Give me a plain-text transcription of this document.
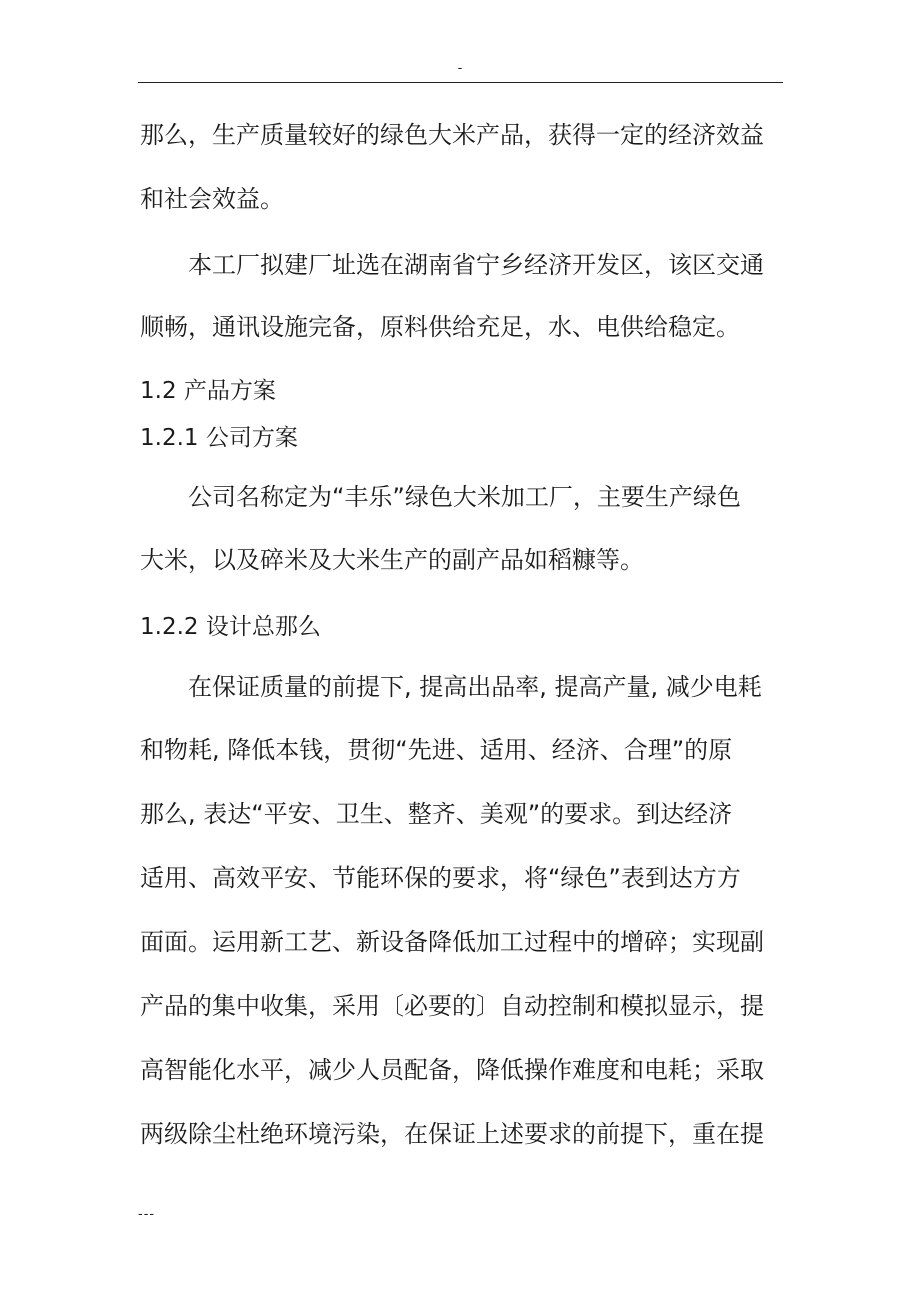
-
那么，生产质量较好的绿色大米产品，获得一定的经济效益
和社会效益。
本工厂拟建厂址选在湖南省宁乡经济开发区，该区交通
顺畅，通讯设施完备，原料供给充足，水、电供给稳定。
1.2 产品方案
1.2.1 公司方案
公司名称定为“丰乐”绿色大米加工厂，主要生产绿色
大米，以及碎米及大米生产的副产品如稻糠等。
1.2.2 设计总那么
在保证质量的前提下, 提高出品率, 提高产量, 减少电耗
和物耗, 降低本钱，贯彻“先进、适用、经济、合理”的原
那么, 表达“平安、卫生、整齐、美观”的要求。到达经济
适用、高效平安、节能环保的要求，将“绿色”表到达方方
面面。运用新工艺、新设备降低加工过程中的增碎；实现副
产品的集中收集，采用〔必要的〕自动控制和模拟显示，提
高智能化水平，减少人员配备，降低操作难度和电耗；采取
两级除尘杜绝环境污染，在保证上述要求的前提下，重在提
---
